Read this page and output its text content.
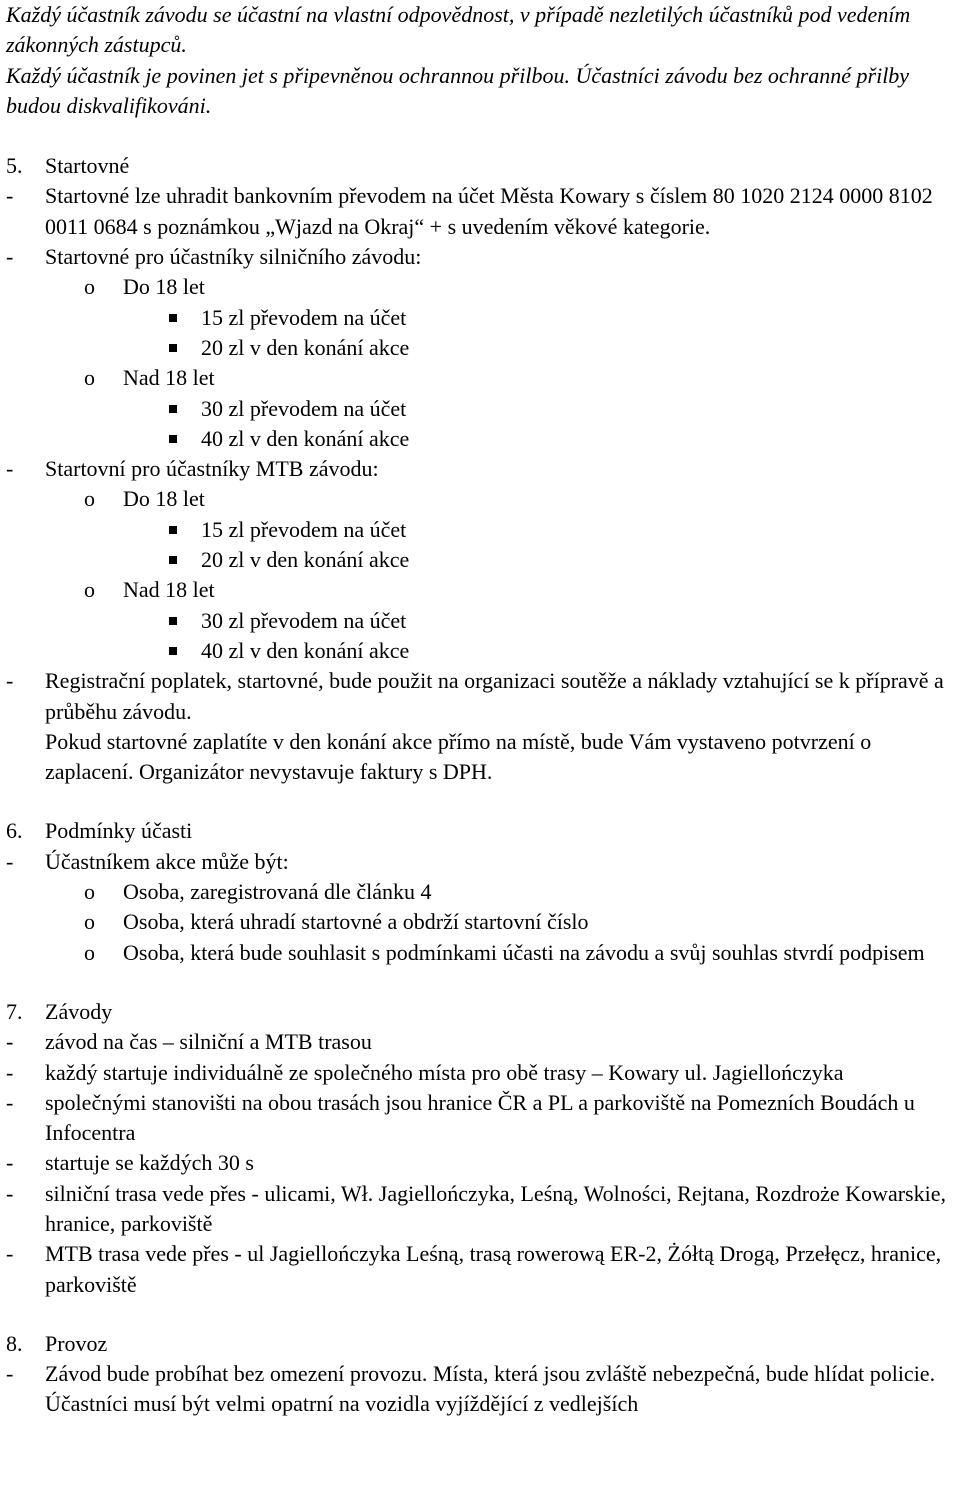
Každý účastník závodu se účastní na vlastní odpovědnost, v případě nezletilých účastníků pod vedením zákonných zástupců.

Každý účastník je povinen jet s připevněnou ochrannou přilbou. Účastníci závodu bez ochranné přilby budou diskvalifikováni.

5. Startovné
- Startovné lze uhradit bankovním převodem na účet Města Kowary s číslem 80 1020 2124 0000 8102 0011 0684 s poznámkou „Wjazd na Okraj“ + s uvedením věkové kategorie.
- Startovné pro účastníky silničního závodu:
o Do 18 let
15 zl převodem na účet
20 zl v den konání akce
o Nad 18 let
30 zl převodem na účet
40 zl v den konání akce
- Startovní pro účastníky MTB závodu:
o Do 18 let
15 zl převodem na účet
20 zl v den konání akce
o Nad 18 let
30 zl převodem na účet
40 zl v den konání akce
- Registrační poplatek, startovné, bude použit na organizaci soutěže a náklady vztahující se k přípravě a průběhu závodu.
Pokud startovné zaplatíte v den konání akce přímo na místě, bude Vám vystaveno potvrzení o zaplacení. Organizátor nevystavuje faktury s DPH.
6. Podmínky účasti
- Účastníkem akce může být:
o Osoba, zaregistrovaná dle článku 4
o Osoba, která uhradí startovné a obdrží startovní číslo
o Osoba, která bude souhlasit s podmínkami účasti na závodu a svůj souhlas stvrdí podpisem
7. Závody
- závod na čas – silniční a MTB trasou
- každý startuje individuálně ze společného místa pro obě trasy – Kowary ul. Jagiellończyka
- společnými stanovišti na obou trasách jsou hranice ČR a PL a parkoviště na Pomezních Boudách u Infocentra
- startuje se každých 30 s
- silniční trasa vede přes - ulicami, Wł. Jagiellończyka, Leśną, Wolności, Rejtana, Rozdroże Kowarskie, hranice, parkoviště
- MTB trasa vede přes - ul Jagiellończyka Leśną, trasą rowerową ER-2, Żółtą Drogą, Przełęcz, hranice, parkoviště
8. Provoz
- Závod bude probíhat bez omezení provozu. Místa, která jsou zvláště nebezpečná, bude hlídat policie. Účastníci musí být velmi opatrní na vozidla vyjíždějící z vedlejších
